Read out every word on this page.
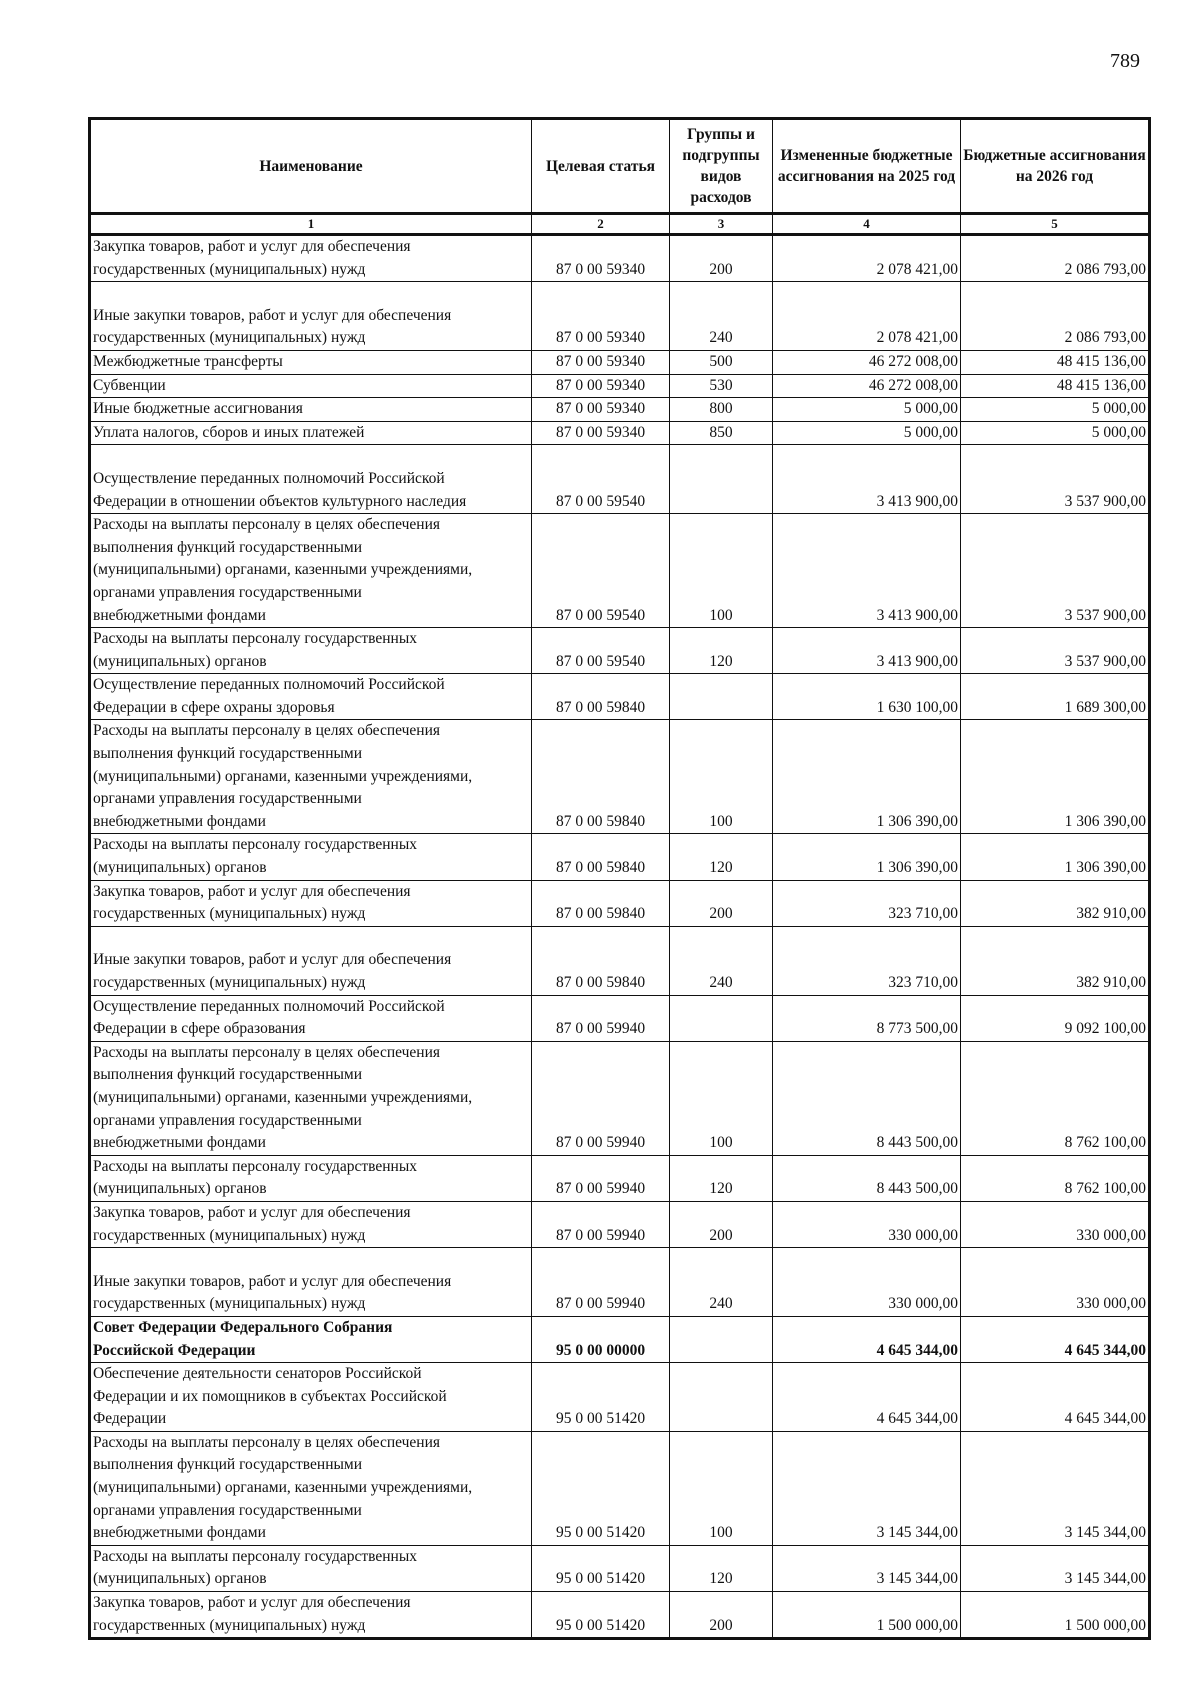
789
Наименование	Целевая статья	Группы и подгруппы видов расходов	Измененные бюджетные ассигнования на 2025 год	Бюджетные ассигнования на 2026 год
1	2	3	4	5
Закупка товаров, работ и услуг для обеспечения
государственных (муниципальных) нужд	87 0 00 59340	200	2 078 421,00	2 086 793,00

Иные закупки товаров, работ и услуг для обеспечения
государственных (муниципальных) нужд	87 0 00 59340	240	2 078 421,00	2 086 793,00
Межбюджетные трансферты	87 0 00 59340	500	46 272 008,00	48 415 136,00
Субвенции	87 0 00 59340	530	46 272 008,00	48 415 136,00
Иные бюджетные ассигнования	87 0 00 59340	800	5 000,00	5 000,00
Уплата налогов, сборов и иных платежей	87 0 00 59340	850	5 000,00	5 000,00

Осуществление переданных полномочий Российской
Федерации в отношении объектов культурного наследия	87 0 00 59540		3 413 900,00	3 537 900,00
Расходы на выплаты персоналу в целях обеспечения
выполнения функций государственными
(муниципальными) органами, казенными учреждениями,
органами управления государственными
внебюджетными фондами	87 0 00 59540	100	3 413 900,00	3 537 900,00
Расходы на выплаты персоналу государственных
(муниципальных) органов	87 0 00 59540	120	3 413 900,00	3 537 900,00
Осуществление переданных полномочий Российской
Федерации в сфере охраны здоровья	87 0 00 59840		1 630 100,00	1 689 300,00
Расходы на выплаты персоналу в целях обеспечения
выполнения функций государственными
(муниципальными) органами, казенными учреждениями,
органами управления государственными
внебюджетными фондами	87 0 00 59840	100	1 306 390,00	1 306 390,00
Расходы на выплаты персоналу государственных
(муниципальных) органов	87 0 00 59840	120	1 306 390,00	1 306 390,00
Закупка товаров, работ и услуг для обеспечения
государственных (муниципальных) нужд	87 0 00 59840	200	323 710,00	382 910,00

Иные закупки товаров, работ и услуг для обеспечения
государственных (муниципальных) нужд	87 0 00 59840	240	323 710,00	382 910,00
Осуществление переданных полномочий Российской
Федерации в сфере образования	87 0 00 59940		8 773 500,00	9 092 100,00
Расходы на выплаты персоналу в целях обеспечения
выполнения функций государственными
(муниципальными) органами, казенными учреждениями,
органами управления государственными
внебюджетными фондами	87 0 00 59940	100	8 443 500,00	8 762 100,00
Расходы на выплаты персоналу государственных
(муниципальных) органов	87 0 00 59940	120	8 443 500,00	8 762 100,00
Закупка товаров, работ и услуг для обеспечения
государственных (муниципальных) нужд	87 0 00 59940	200	330 000,00	330 000,00

Иные закупки товаров, работ и услуг для обеспечения
государственных (муниципальных) нужд	87 0 00 59940	240	330 000,00	330 000,00
Совет Федерации Федерального Собрания
Российской Федерации	95 0 00 00000		4 645 344,00	4 645 344,00
Обеспечение деятельности сенаторов Российской
Федерации и их помощников в субъектах Российской
Федерации	95 0 00 51420		4 645 344,00	4 645 344,00
Расходы на выплаты персоналу в целях обеспечения
выполнения функций государственными
(муниципальными) органами, казенными учреждениями,
органами управления государственными
внебюджетными фондами	95 0 00 51420	100	3 145 344,00	3 145 344,00
Расходы на выплаты персоналу государственных
(муниципальных) органов	95 0 00 51420	120	3 145 344,00	3 145 344,00
Закупка товаров, работ и услуг для обеспечения
государственных (муниципальных) нужд	95 0 00 51420	200	1 500 000,00	1 500 000,00
